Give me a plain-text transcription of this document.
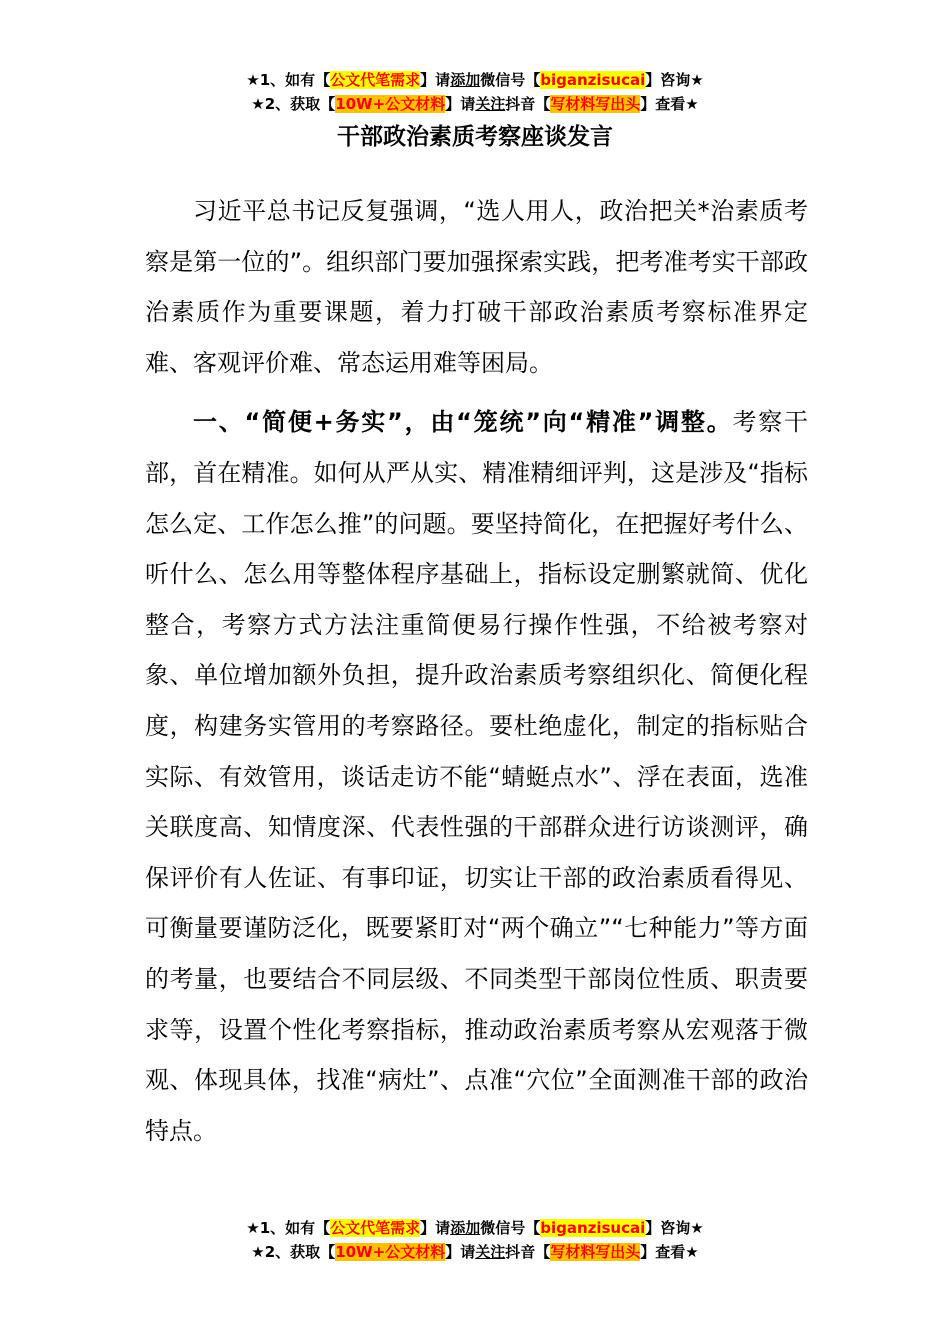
★1、如有【公文代笔需求】请添加微信号【biganzisucai】咨询★
★2、获取【10W+公文材料】请关注抖音【写材料写出头】查看★
干部政治素质考察座谈发言

习近平总书记反复强调，“选人用人，政治把关*治素质考察是第一位的”。组织部门要加强探索实践，把考准考实干部政治素质作为重要课题，着力打破干部政治素质考察标准界定难、客观评价难、常态运用难等困局。

一、“简便+务实”，由“笼统”向“精准”调整。考察干部，首在精准。如何从严从实、精准精细评判，这是涉及“指标怎么定、工作怎么推”的问题。要坚持简化，在把握好考什么、听什么、怎么用等整体程序基础上，指标设定删繁就简、优化整合，考察方式方法注重简便易行操作性强，不给被考察对象、单位增加额外负担，提升政治素质考察组织化、简便化程度，构建务实管用的考察路径。要杜绝虚化，制定的指标贴合实际、有效管用，谈话走访不能“蜻蜓点水”、浮在表面，选准关联度高、知情度深、代表性强的干部群众进行访谈测评，确保评价有人佐证、有事印证，切实让干部的政治素质看得见、可衡量要谨防泛化，既要紧盯对“两个确立”“七种能力”等方面的考量，也要结合不同层级、不同类型干部岗位性质、职责要求等，设置个性化考察指标，推动政治素质考察从宏观落于微观、体现具体，找准“病灶”、点准“穴位”全面测准干部的政治特点。

★1、如有【公文代笔需求】请添加微信号【biganzisucai】咨询★
★2、获取【10W+公文材料】请关注抖音【写材料写出头】查看★
